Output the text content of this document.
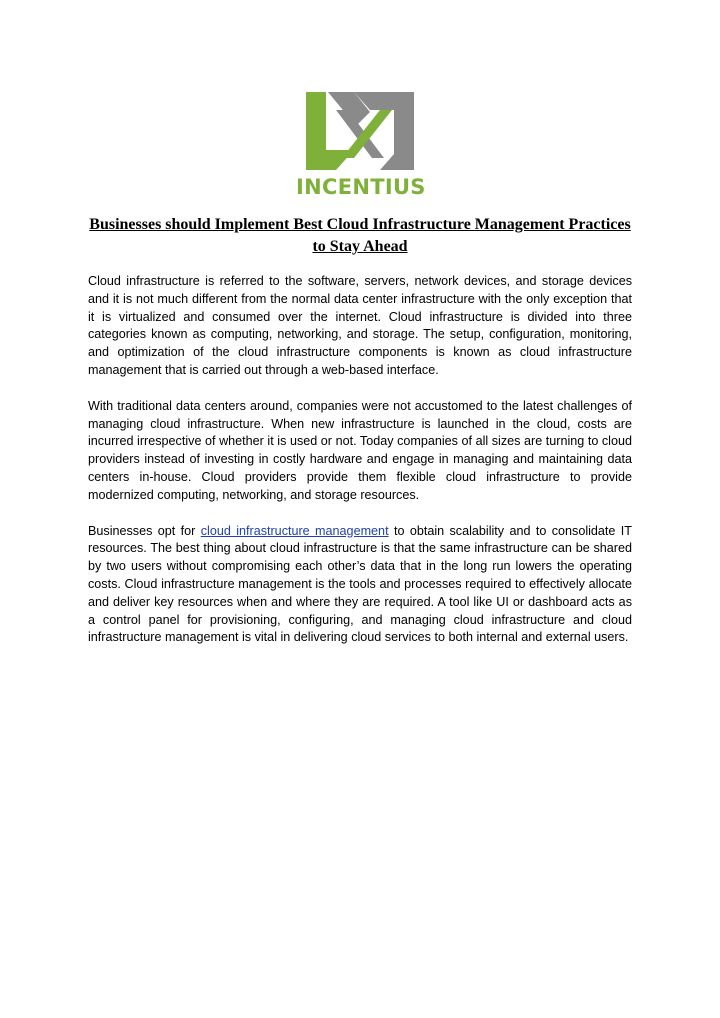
INCENTIUS
Businesses should Implement Best Cloud Infrastructure Management Practices to Stay Ahead

Cloud infrastructure is referred to the software, servers, network devices, and storage devices and it is not much different from the normal data center infrastructure with the only exception that it is virtualized and consumed over the internet. Cloud infrastructure is divided into three categories known as computing, networking, and storage. The setup, configuration, monitoring, and optimization of the cloud infrastructure components is known as cloud infrastructure management that is carried out through a web-based interface.

With traditional data centers around, companies were not accustomed to the latest challenges of managing cloud infrastructure. When new infrastructure is launched in the cloud, costs are incurred irrespective of whether it is used or not. Today companies of all sizes are turning to cloud providers instead of investing in costly hardware and engage in managing and maintaining data centers in-house. Cloud providers provide them flexible cloud infrastructure to provide modernized computing, networking, and storage resources.

Businesses opt for cloud infrastructure management to obtain scalability and to consolidate IT resources. The best thing about cloud infrastructure is that the same infrastructure can be shared by two users without compromising each other’s data that in the long run lowers the operating costs. Cloud infrastructure management is the tools and processes required to effectively allocate and deliver key resources when and where they are required. A tool like UI or dashboard acts as a control panel for provisioning, configuring, and managing cloud infrastructure and cloud infrastructure management is vital in delivering cloud services to both internal and external users.
